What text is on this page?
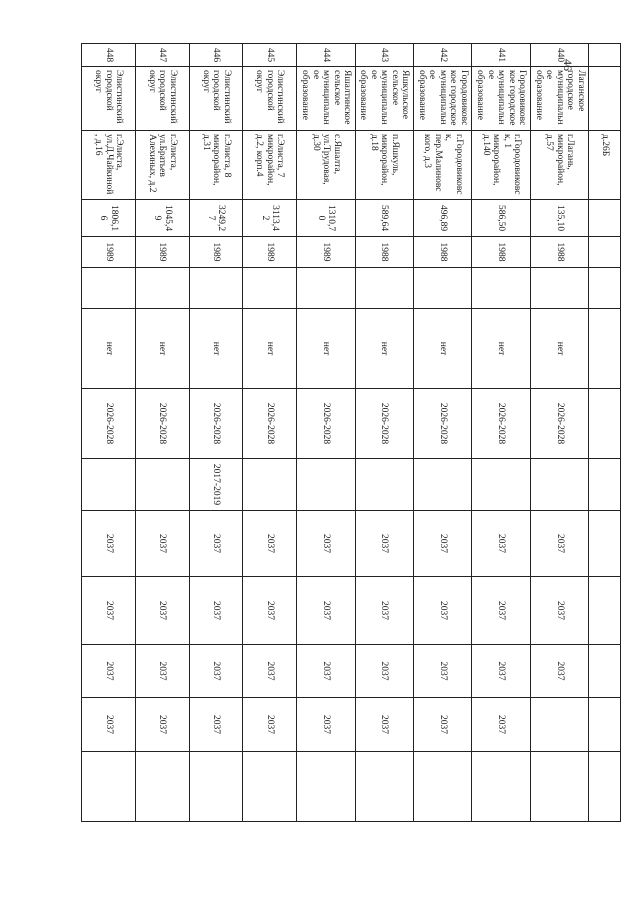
46
		д.26Б											
440	Лаганское городское муниципальное образование	г.Лагань, микрорайон, д.57	135,10	1988		нет	2026-2028		2037	2037	2037		
441	Городовиковское городское муниципальное образование	г.Городовиковск, 1 микрорайон, д.140	586,50	1988		нет	2026-2028		2037	2037	2037	2037	
442	Городовиковское городское муниципальное образование	г.Городовиковск, пер.Малиновского, д.3	496,89	1988		нет	2026-2028		2037	2037	2037	2037	
443	Яшкульское сельское муниципальное образование	п.Яшкуль, микрорайон, д.18	589,64	1988		нет	2026-2028		2037	2037	2037	2037	
444	Яшалтинское сельское муниципальное образование	с.Яшалта, ул.Трудовая, д.30	1310,70	1989		нет	2026-2028		2037	2037	2037	2037	
445	Элистинский городской округ	г.Элиста, 7 микрорайон, д.2, корп.4	3113,42	1989		нет	2026-2028		2037	2037	2037	2037	
446	Элистинский городской округ	г.Элиста, 8 микрорайон, д.31	3249,27	1989		нет	2026-2028	2017-2019	2037	2037	2037	2037	
447	Элистинский городской округ	г.Элиста, ул.Братьев Алехиных, д.2	1045,49	1989		нет	2026-2028		2037	2037	2037	2037	
448	Элистинский городской округ	г.Элиста, ул.Д.Чайкиной, д.16	1806,16	1989		нет	2026-2028		2037	2037	2037	2037	
